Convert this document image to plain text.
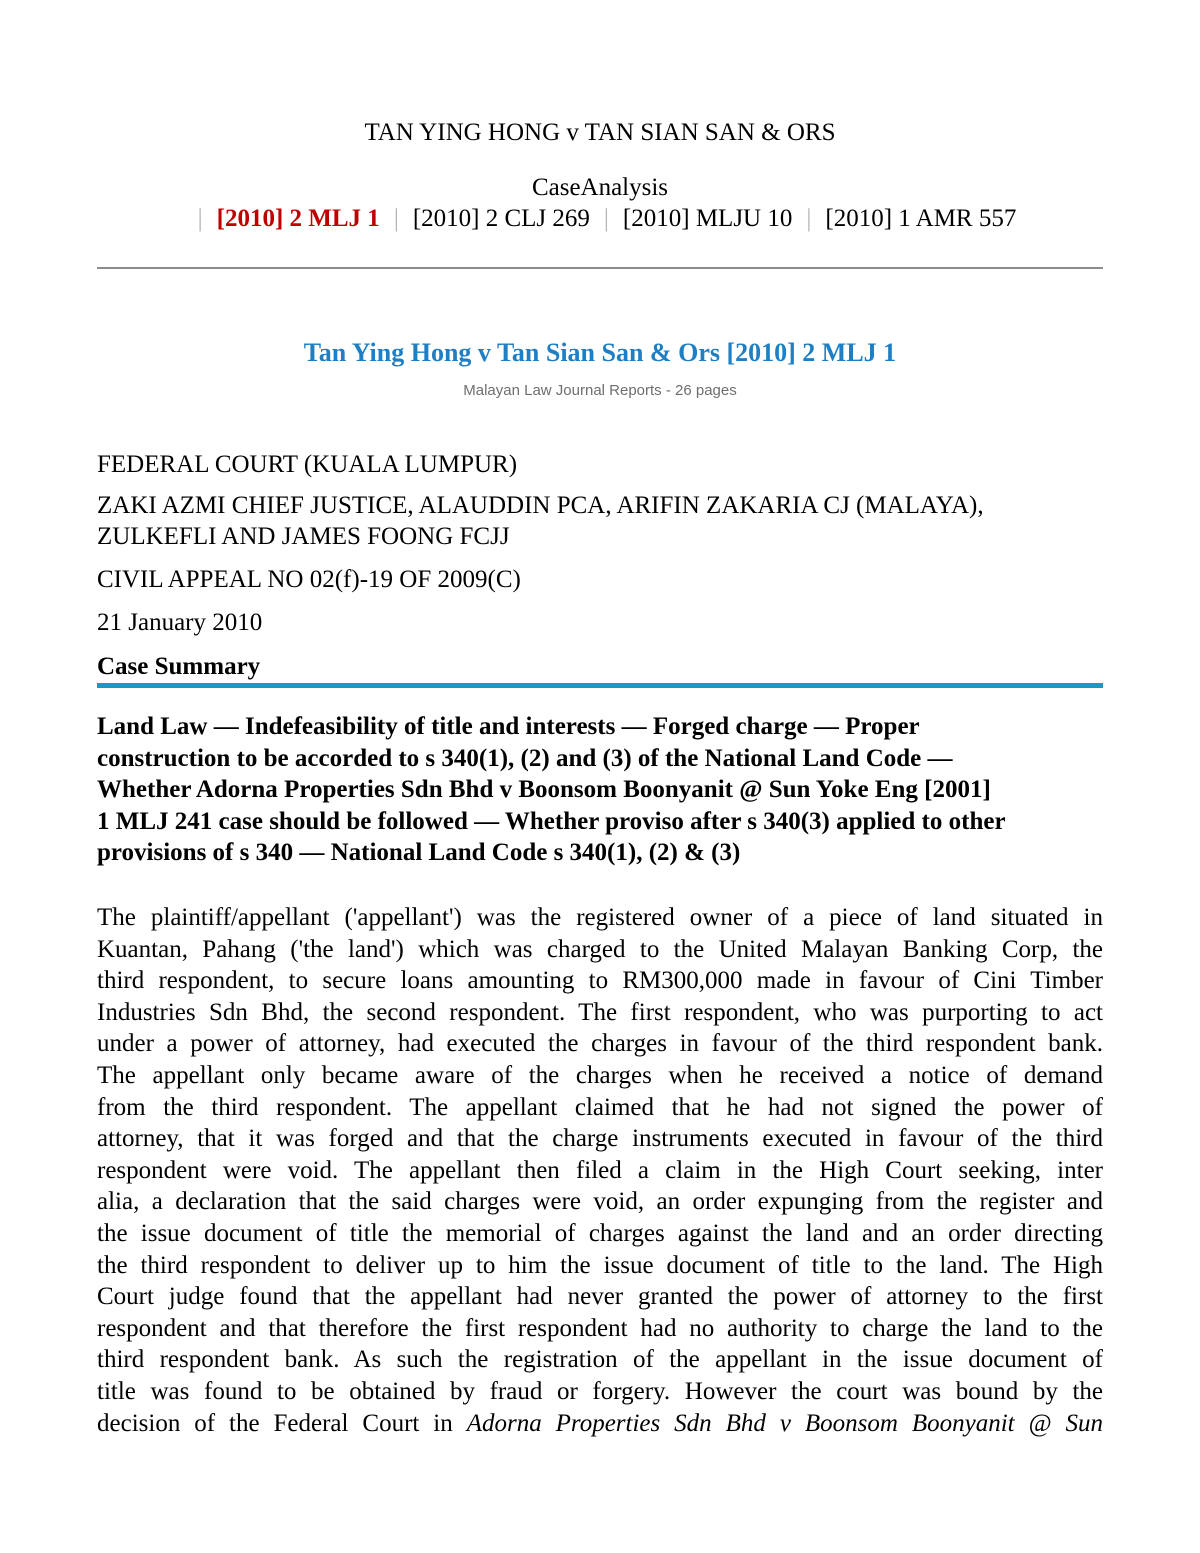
TAN YING HONG v TAN SIAN SAN & ORS
CaseAnalysis
| [2010] 2 MLJ 1 | [2010] 2 CLJ 269 | [2010] MLJU 10 | [2010] 1 AMR 557
Tan Ying Hong v Tan Sian San & Ors [2010] 2 MLJ 1
Malayan Law Journal Reports - 26 pages
FEDERAL COURT (KUALA LUMPUR)
ZAKI AZMI CHIEF JUSTICE, ALAUDDIN PCA, ARIFIN ZAKARIA CJ (MALAYA),
ZULKEFLI AND JAMES FOONG FCJJ
CIVIL APPEAL NO 02(f)-19 OF 2009(C)
21 January 2010
Case Summary
Land Law — Indefeasibility of title and interests — Forged charge — Proper
construction to be accorded to s 340(1), (2) and (3) of the National Land Code —
Whether Adorna Properties Sdn Bhd v Boonsom Boonyanit @ Sun Yoke Eng [2001]
1 MLJ 241 case should be followed — Whether proviso after s 340(3) applied to other
provisions of s 340 — National Land Code s 340(1), (2) & (3)
The plaintiff/appellant ('appellant') was the registered owner of a piece of land situated in
Kuantan, Pahang ('the land') which was charged to the United Malayan Banking Corp, the
third respondent, to secure loans amounting to RM300,000 made in favour of Cini Timber
Industries Sdn Bhd, the second respondent. The first respondent, who was purporting to act
under a power of attorney, had executed the charges in favour of the third respondent bank.
The appellant only became aware of the charges when he received a notice of demand
from the third respondent. The appellant claimed that he had not signed the power of
attorney, that it was forged and that the charge instruments executed in favour of the third
respondent were void. The appellant then filed a claim in the High Court seeking, inter
alia, a declaration that the said charges were void, an order expunging from the register and
the issue document of title the memorial of charges against the land and an order directing
the third respondent to deliver up to him the issue document of title to the land. The High
Court judge found that the appellant had never granted the power of attorney to the first
respondent and that therefore the first respondent had no authority to charge the land to the
third respondent bank. As such the registration of the appellant in the issue document of
title was found to be obtained by fraud or forgery. However the court was bound by the
decision of the Federal Court in Adorna Properties Sdn Bhd v Boonsom Boonyanit @ Sun
